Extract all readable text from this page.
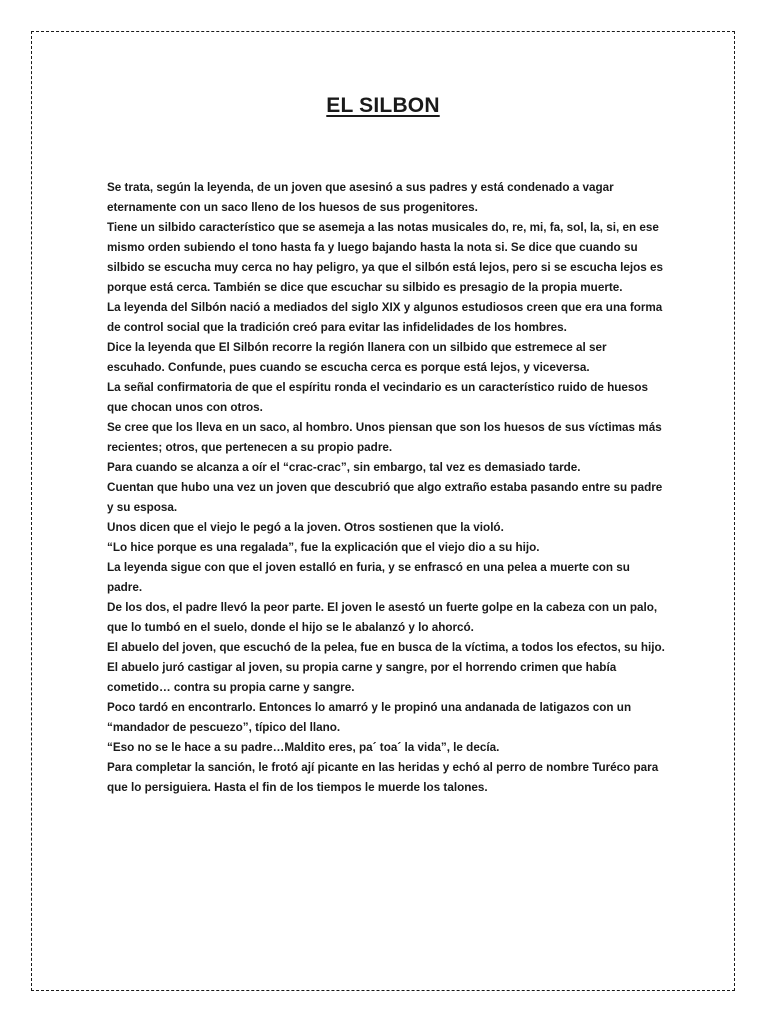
EL SILBON

Se trata, según la leyenda, de un joven que asesinó a sus padres y está condenado a vagar eternamente con un saco lleno de los huesos de sus progenitores.

Tiene un silbido característico que se asemeja a las notas musicales do, re, mi, fa, sol, la, si, en ese mismo orden subiendo el tono hasta fa y luego bajando hasta la nota si. Se dice que cuando su silbido se escucha muy cerca no hay peligro, ya que el silbón está lejos, pero si se escucha lejos es porque está cerca. También se dice que escuchar su silbido es presagio de la propia muerte.

La leyenda del Silbón nació a mediados del siglo XIX y algunos estudiosos creen que era una forma de control social que la tradición creó para evitar las infidelidades de los hombres.

Dice la leyenda que El Silbón recorre la región llanera con un silbido que estremece al ser escuhado. Confunde, pues cuando se escucha cerca es porque está lejos, y viceversa.

La señal confirmatoria de que el espíritu ronda el vecindario es un característico ruido de huesos que chocan unos con otros.

Se cree que los lleva en un saco, al hombro. Unos piensan que son los huesos de sus víctimas más recientes; otros, que pertenecen a su propio padre.

Para cuando se alcanza a oír el “crac-crac”, sin embargo, tal vez es demasiado tarde.

Cuentan que hubo una vez un joven que descubrió que algo extraño estaba pasando entre su padre y su esposa.

Unos dicen que el viejo le pegó a la joven. Otros sostienen que la violó.

“Lo hice porque es una regalada”, fue la explicación que el viejo dio a su hijo.

La leyenda sigue con que el joven estalló en furia, y se enfrascó en una pelea a muerte con su padre.

De los dos, el padre llevó la peor parte. El joven le asestó un fuerte golpe en la cabeza con un palo, que lo tumbó en el suelo, donde el hijo se le abalanzó y lo ahorcó.

El abuelo del joven, que escuchó de la pelea, fue en busca de la víctima, a todos los efectos, su hijo. El abuelo juró castigar al joven, su propia carne y sangre, por el horrendo crimen que había cometido… contra su propia carne y sangre.

Poco tardó en encontrarlo. Entonces lo amarró y le propinó una andanada de latigazos con un “mandador de pescuezo”, típico del llano.

“Eso no se le hace a su padre…Maldito eres, pa´ toa´ la vida”, le decía.

Para completar la sanción, le frotó ají picante en las heridas y echó al perro de nombre Turéco para que lo persiguiera. Hasta el fin de los tiempos le muerde los talones.
